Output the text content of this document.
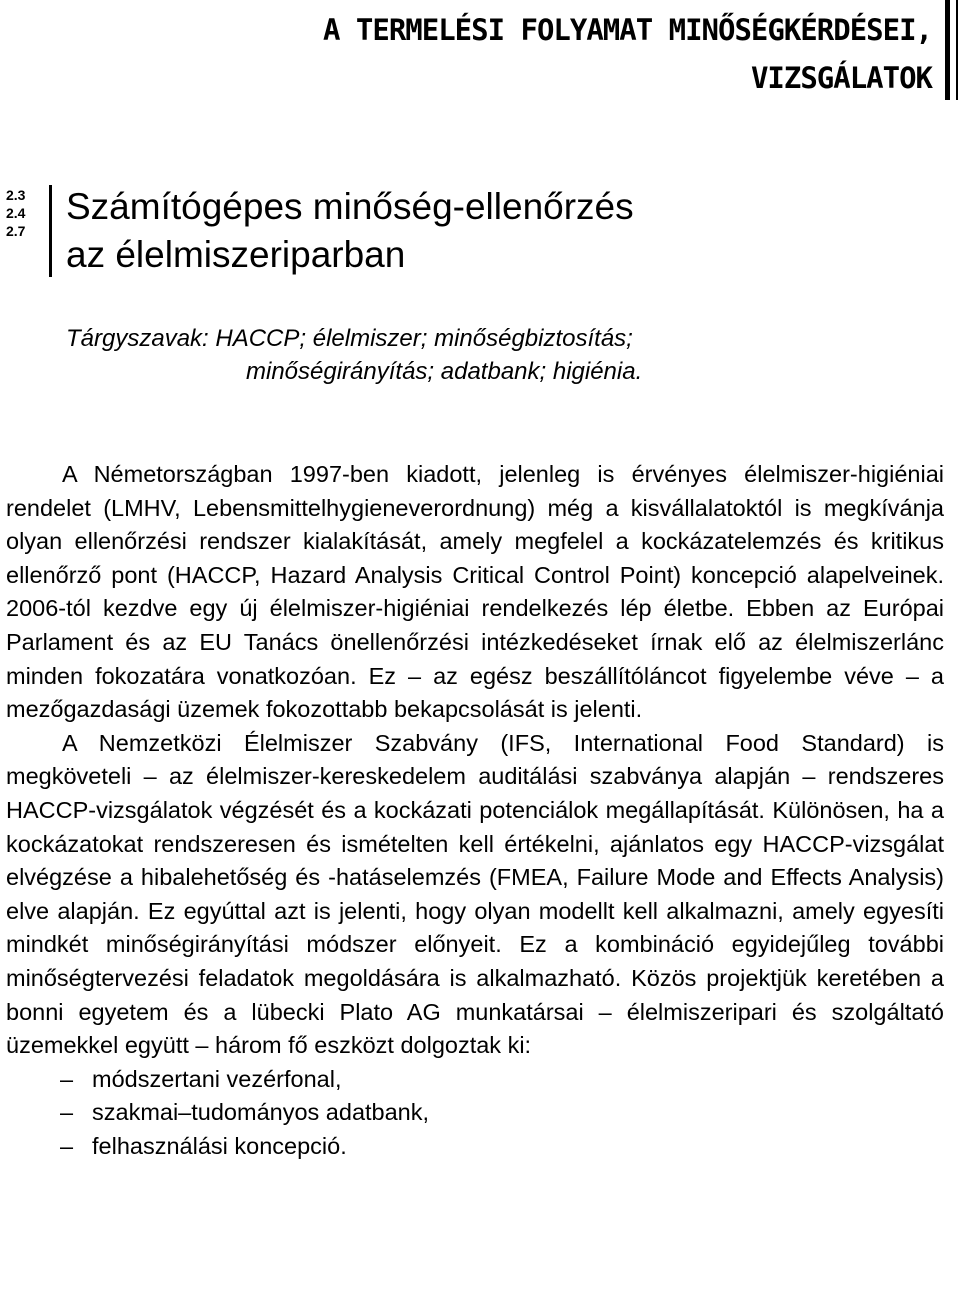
A TERMELÉSI FOLYAMAT MINŐSÉGKÉRDÉSEI,
VIZSGÁLATOK
2.3
2.4
2.7
Számítógépes minőség-ellenőrzés
az élelmiszeriparban
Tárgyszavak: HACCP; élelmiszer; minőségbiztosítás;
minőségirányítás; adatbank; higiénia.

A Németországban 1997-ben kiadott, jelenleg is érvényes élelmiszer-higiéniai rendelet (LMHV, Lebensmittelhygieneverordnung) még a kisvállalatoktól is megkívánja olyan ellenőrzési rendszer kialakítását, amely megfelel a kockázatelemzés és kritikus ellenőrző pont (HACCP, Hazard Analysis Critical Control Point) koncepció alapelveinek. 2006-tól kezdve egy új élelmiszer-higiéniai rendelkezés lép életbe. Ebben az Európai Parlament és az EU Tanács önellenőrzési intézkedéseket írnak elő az élelmiszerlánc minden fokozatára vonatkozóan. Ez – az egész beszállítóláncot figyelembe véve – a mezőgazdasági üzemek fokozottabb bekapcsolását is jelenti.

A Nemzetközi Élelmiszer Szabvány (IFS, International Food Standard) is megköveteli – az élelmiszer-kereskedelem auditálási szabványa alapján – rendszeres HACCP-vizsgálatok végzését és a kockázati potenciálok megállapítását. Különösen, ha a kockázatokat rendszeresen és ismételten kell értékelni, ajánlatos egy HACCP-vizsgálat elvégzése a hibalehetőség és -hatáselemzés (FMEA, Failure Mode and Effects Analysis) elve alapján. Ez egyúttal azt is jelenti, hogy olyan modellt kell alkalmazni, amely egyesíti mindkét minőségirányítási módszer előnyeit. Ez a kombináció egyidejűleg további minőségtervezési feladatok megoldására is alkalmazható. Közös projektjük keretében a bonni egyetem és a lübecki Plato AG munkatársai – élelmiszeripari és szolgáltató üzemekkel együtt – három fő eszközt dolgoztak ki:

– módszertani vezérfonal,
– szakmai–tudományos adatbank,
– felhasználási koncepció.
